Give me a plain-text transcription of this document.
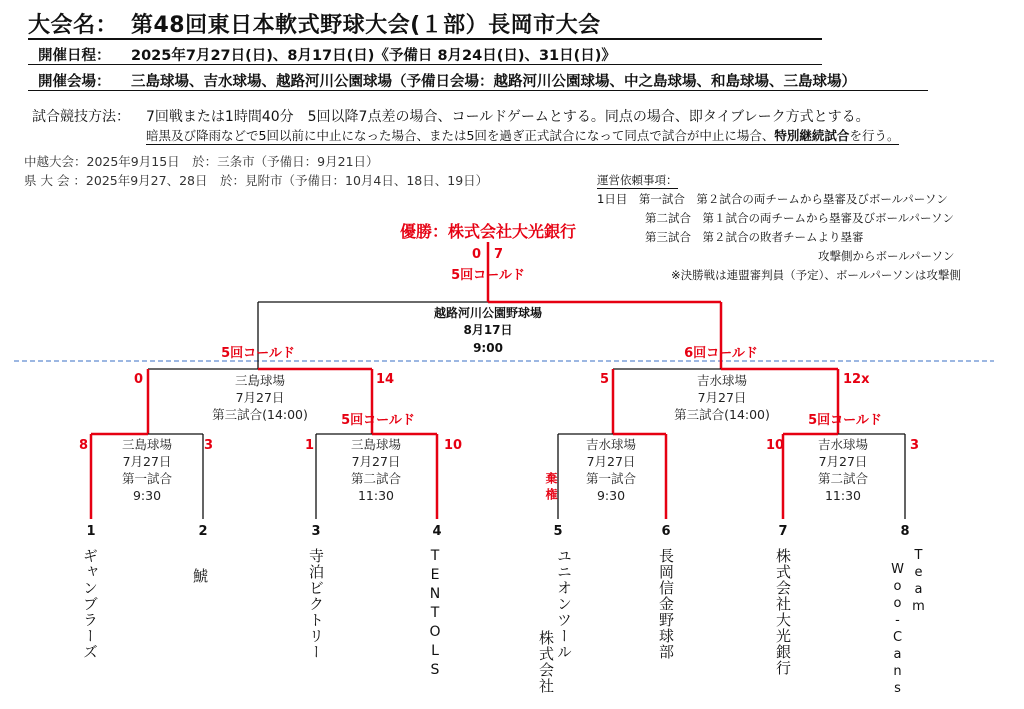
大会名： 第48回東日本軟式野球大会(１部）長岡市大会
開催日程： 2025年7月27日(日)、8月17日(日)《予備日 8月24日(日)、31日(日)》
開催会場： 三島球場、吉水球場、越路河川公園球場（予備日会場：越路河川公園球場、中之島球場、和島球場、三島球場）
試合競技方法： 7回戦または1時間40分　5回以降7点差の場合、コールドゲームとする。同点の場合、即タイブレーク方式とする。
暗黒及び降雨などで5回以前に中止になった場合、または5回を過ぎ正式試合になって同点で試合が中止に場合、特別継続試合を行う。
中越大会：2025年9月15日　於：三条市（予備日：9月21日）
県 大 会 ：2025年9月27、28日　於：見附市（予備日：10月4日、18日、19日）	運営依頼事項：
1日目　第一試合　第２試合の両チームから塁審及びボールパーソン
第二試合　第１試合の両チームから塁審及びボールパーソン
第三試合　第２試合の敗者チームより塁審
攻撃側からボールパーソン
※決勝戦は連盟審判員（予定）、ボールパーソンは攻撃側
優勝：株式会社大光銀行
0 7
5回コールド
越路河川公園野球場
8月17日
9:00
5回コールド	6回コールド
0	14
三島球場
7月27日
第三試合(14:00)	5回コールド
5	12x
吉水球場
7月27日
第三試合(14:00)	5回コールド
8	3
三島球場
7月27日
第一試合
9:30
1	10
三島球場
7月27日
第二試合
11:30	棄権
吉水球場
7月27日
第一試合
9:30
10	3
吉水球場
7月27日
第二試合
11:30
1	2	3	4	5	6	7	8
ギャンブラーズ	鯱	寺泊ビクトリー	TENTOLS	ユニオンツール
株式会社
長岡信金野球部	株式会社大光銀行	Team
Woo-Cans
